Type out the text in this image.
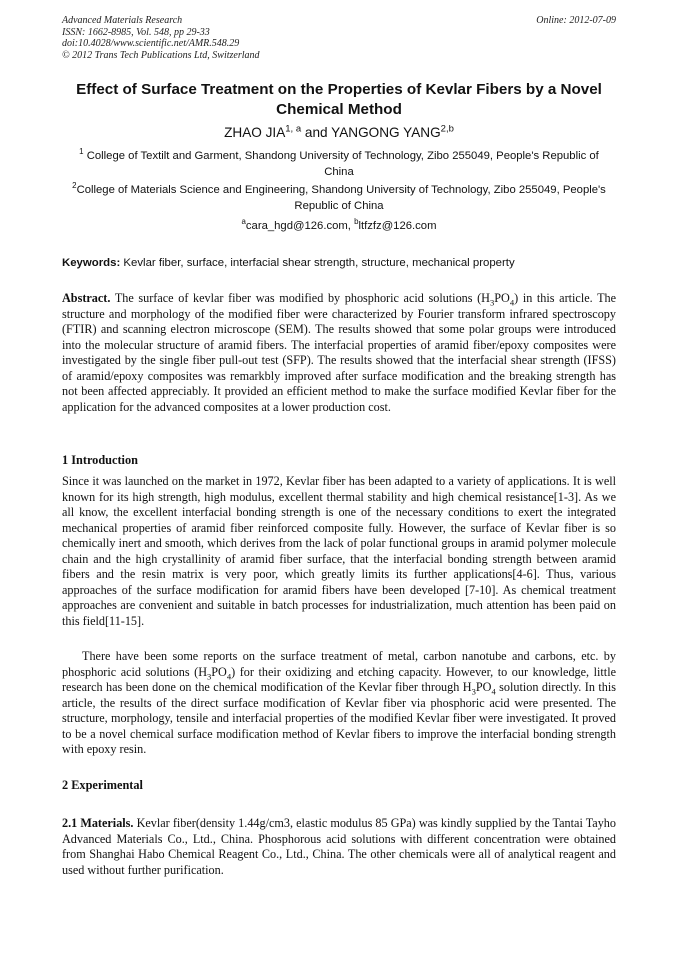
Advanced Materials Research
ISSN: 1662-8985, Vol. 548, pp 29-33
doi:10.4028/www.scientific.net/AMR.548.29
© 2012 Trans Tech Publications Ltd, Switzerland
Online: 2012-07-09
Effect of Surface Treatment on the Properties of Kevlar Fibers by a Novel Chemical Method
ZHAO JIA$^{1, a}$ and YANGONG YANG$^{2,b}$
$^1$ College of Textilt and Garment, Shandong University of Technology, Zibo 255049, People's Republic of China
$^2$College of Materials Science and Engineering, Shandong University of Technology, Zibo 255049, People's Republic of China
$^a$cara_hgd@126.com, $^b$ltfzfz@126.com
Keywords: Kevlar fiber, surface, interfacial shear strength, structure, mechanical property
Abstract. The surface of kevlar fiber was modified by phosphoric acid solutions $(H_3PO_4)$ in this article. The structure and morphology of the modified fiber were characterized by Fourier transform infrared spectroscopy (FTIR) and scanning electron microscope (SEM). The results showed that some polar groups were introduced into the molecular structure of aramid fibers. The interfacial properties of aramid fiber/epoxy composites were investigated by the single fiber pull-out test (SFP). The results showed that the interfacial shear strength (IFSS) of aramid/epoxy composites was remarkbly improved after surface modification and the breaking strength has not been affected appreciably. It provided an efficient method to make the surface modified Kevlar fiber for the application for the advanced composites at a lower production cost.
1 Introduction
Since it was launched on the market in 1972, Kevlar fiber has been adapted to a variety of applications. It is well known for its high strength, high modulus, excellent thermal stability and high chemical resistance[1-3]. As we all know, the excellent interfacial bonding strength is one of the necessary conditions to exert the integrated mechanical properties of aramid fiber reinforced composite fully. However, the surface of Kevlar fiber is so chemically inert and smooth, which derives from the lack of polar functional groups in aramid polymer molecule chain and the high crystallinity of aramid fiber surface, that the interfacial bonding strength between aramid fibers and the resin matrix is very poor, which greatly limits its further applications[4-6]. Thus, various approaches of the surface modification for aramid fibers have been developed [7-10]. As chemical treatment approaches are convenient and suitable in batch processes for industrialization, much attention has been paid on this field[11-15].
There have been some reports on the surface treatment of metal, carbon nanotube and carbons, etc. by phosphoric acid solutions $(H_3PO_4)$ for their oxidizing and etching capacity. However, to our knowledge, little research has been done on the chemical modification of the Kevlar fiber through $H_3PO_4$ solution directly. In this article, the results of the direct surface modification of Kevlar fiber via phosphoric acid were presented. The structure, morphology, tensile and interfacial properties of the modified Kevlar fiber were investigated. It proved to be a novel chemical surface modification method of Kevlar fibers to improve the interfacial bonding strength with epoxy resin.
2 Experimental
2.1 Materials. Kevlar fiber(density 1.44g/cm3, elastic modulus 85 GPa) was kindly supplied by the Tantai Tayho Advanced Materials Co., Ltd., China. Phosphorous acid solutions with different concentration were obtained from Shanghai Habo Chemical Reagent Co., Ltd., China. The other chemicals were all of analytical reagent and used without further purification.
